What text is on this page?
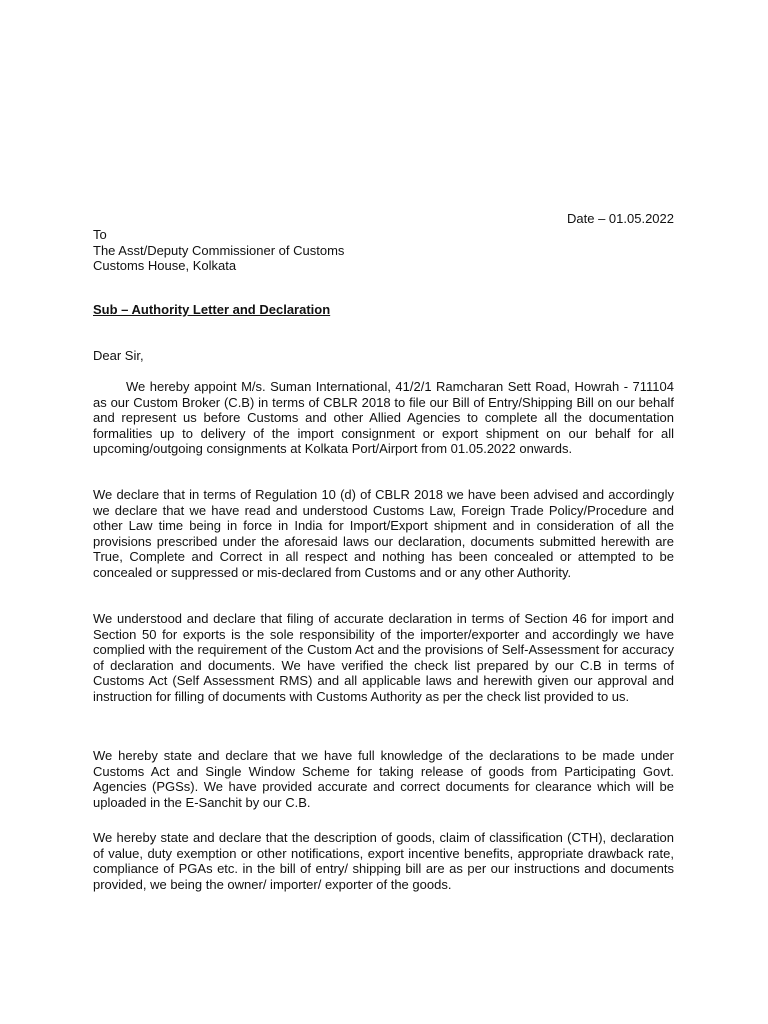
Date – 01.05.2022
To
The Asst/Deputy Commissioner of Customs
Customs House, Kolkata
Sub – Authority Letter and Declaration
Dear Sir,

We hereby appoint M/s. Suman International, 41/2/1 Ramcharan Sett Road, Howrah - 711104 as our Custom Broker (C.B) in terms of CBLR 2018 to file our Bill of Entry/Shipping Bill on our behalf and represent us before Customs and other Allied Agencies to complete all the documentation formalities up to delivery of the import consignment or export shipment on our behalf for all upcoming/outgoing consignments at Kolkata Port/Airport from 01.05.2022 onwards.

We declare that in terms of Regulation 10 (d) of CBLR 2018 we have been advised and accordingly we declare that we have read and understood Customs Law, Foreign Trade Policy/Procedure and other Law time being in force in India for Import/Export shipment and in consideration of all the provisions prescribed under the aforesaid laws our declaration, documents submitted herewith are True, Complete and Correct in all respect and nothing has been concealed or attempted to be concealed or suppressed or mis-declared from Customs and or any other Authority.

We understood and declare that filing of accurate declaration in terms of Section 46 for import and Section 50 for exports is the sole responsibility of the importer/exporter and accordingly we have complied with the requirement of the Custom Act and the provisions of Self-Assessment for accuracy of declaration and documents. We have verified the check list prepared by our C.B in terms of Customs Act (Self Assessment RMS) and all applicable laws and herewith given our approval and instruction for filling of documents with Customs Authority as per the check list provided to us.

We hereby state and declare that we have full knowledge of the declarations to be made under Customs Act and Single Window Scheme for taking release of goods from Participating Govt. Agencies (PGSs). We have provided accurate and correct documents for clearance which will be uploaded in the E-Sanchit by our C.B.

We hereby state and declare that the description of goods, claim of classification (CTH), declaration of value, duty exemption or other notifications, export incentive benefits, appropriate drawback rate, compliance of PGAs etc. in the bill of entry/ shipping bill are as per our instructions and documents provided, we being the owner/ importer/ exporter of the goods.
